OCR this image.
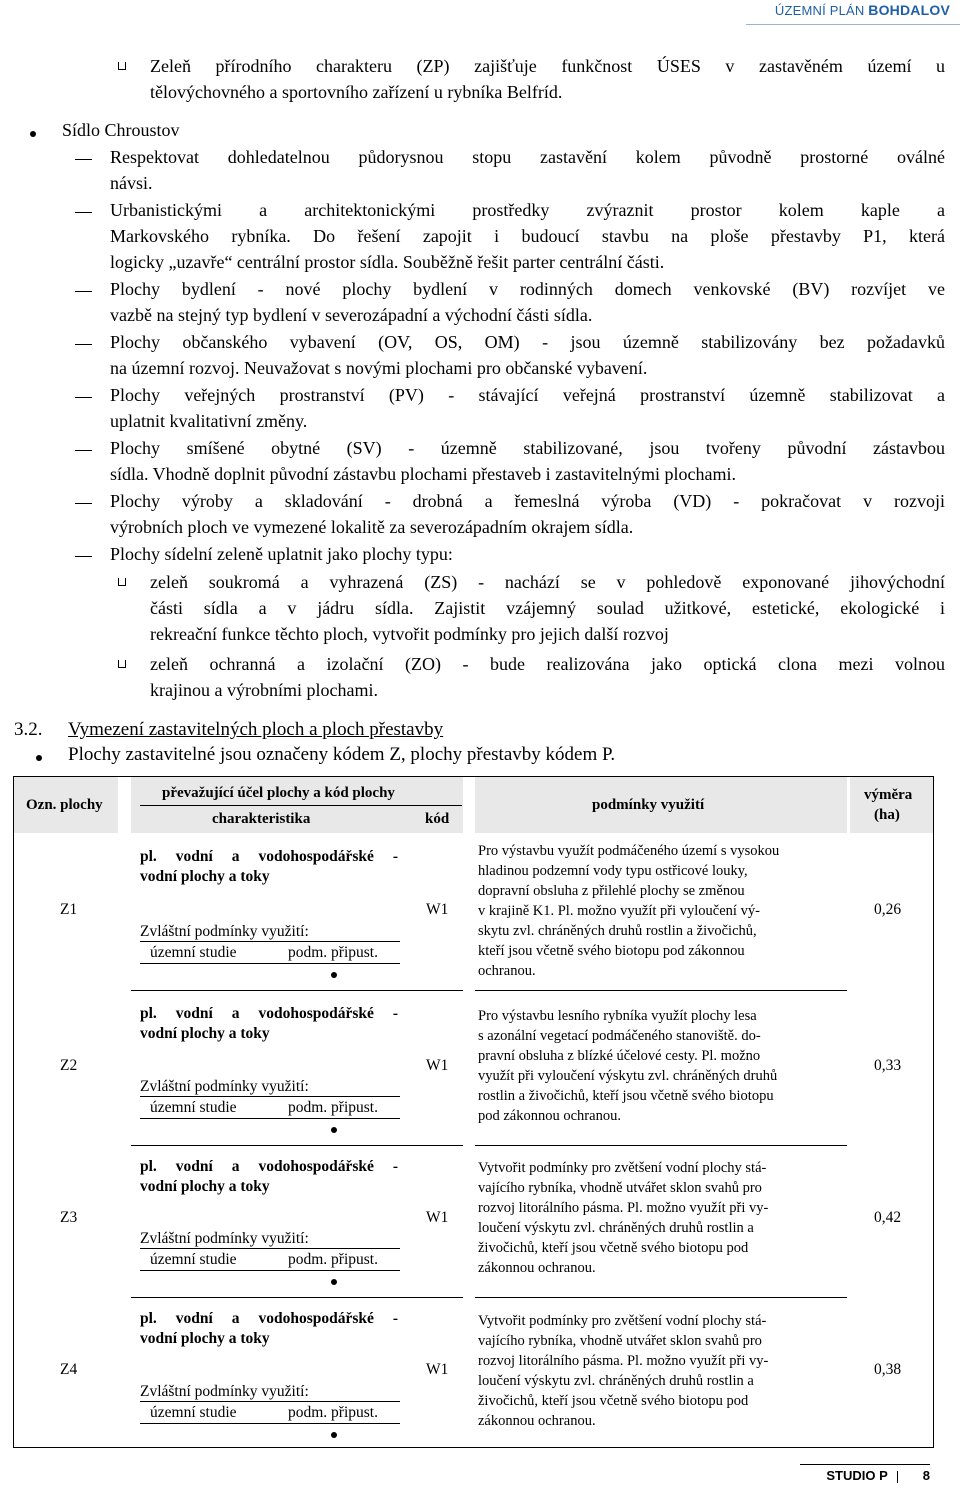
ÚZEMNÍ PLÁN BOHDALOV
Zeleň přírodního charakteru (ZP) zajišťuje funkčnost ÚSES v zastavěném území u
tělovýchovného a sportovního zařízení u rybníka Belfríd.
Sídlo Chroustov
Respektovat dohledatelnou půdorysnou stopu zastavění kolem původně prostorné oválné
návsi.
Urbanistickými a architektonickými prostředky zvýraznit prostor kolem kaple a
Markovského rybníka. Do řešení zapojit i budoucí stavbu na ploše přestavby P1, která
logicky „uzavře“ centrální prostor sídla. Souběžně řešit parter centrální části.
Plochy bydlení - nové plochy bydlení v rodinných domech venkovské (BV) rozvíjet ve
vazbě na stejný typ bydlení v severozápadní a východní části sídla.
Plochy občanského vybavení (OV, OS, OM) - jsou územně stabilizovány bez požadavků
na územní rozvoj. Neuvažovat s novými plochami pro občanské vybavení.
Plochy veřejných prostranství (PV) - stávající veřejná prostranství územně stabilizovat a
uplatnit kvalitativní změny.
Plochy smíšené obytné (SV) - územně stabilizované, jsou tvořeny původní zástavbou
sídla. Vhodně doplnit původní zástavbu plochami přestaveb i zastavitelnými plochami.
Plochy výroby a skladování - drobná a řemeslná výroba (VD) - pokračovat v rozvoji
výrobních ploch ve vymezené lokalitě za severozápadním okrajem sídla.
Plochy sídelní zeleně uplatnit jako plochy typu:
zeleň soukromá a vyhrazená (ZS) - nachází se v pohledově exponované jihovýchodní
části sídla a v jádru sídla. Zajistit vzájemný soulad užitkové, estetické, ekologické i
rekreační funkce těchto ploch, vytvořit podmínky pro jejich další rozvoj
zeleň ochranná a izolační (ZO) - bude realizována jako optická clona mezi volnou
krajinou a výrobními plochami.
3.2. Vymezení zastavitelných ploch a ploch přestavby
Plochy zastavitelné jsou označeny kódem Z, plochy přestavby kódem P.
Ozn. plochy
převažující účel plochy a kód plochy
charakteristika	kód
podmínky využití
výměra
(ha)
Z1
pl. vodní a vodohospodářské -
vodní plochy a toky
Zvláštní podmínky využití:
územní studie	podm. připust.
W1
Pro výstavbu využít podmáčeného území s vysokou
hladinou podzemní vody typu ostřicové louky,
dopravní obsluha z přilehlé plochy se změnou
v krajině K1. Pl. možno využít při vyloučení vý-
skytu zvl. chráněných druhů rostlin a živočichů,
kteří jsou včetně svého biotopu pod zákonnou
ochranou.
0,26
Z2
pl. vodní a vodohospodářské -
vodní plochy a toky
Zvláštní podmínky využití:
územní studie	podm. připust.
W1
Pro výstavbu lesního rybníka využít plochy lesa
s azonální vegetací podmáčeného stanoviště. do-
pravní obsluha z blízké účelové cesty. Pl. možno
využít při vyloučení výskytu zvl. chráněných druhů
rostlin a živočichů, kteří jsou včetně svého biotopu
pod zákonnou ochranou.
0,33
Z3
pl. vodní a vodohospodářské -
vodní plochy a toky
Zvláštní podmínky využití:
územní studie	podm. připust.
W1
Vytvořit podmínky pro zvětšení vodní plochy stá-
vajícího rybníka, vhodně utvářet sklon svahů pro
rozvoj litorálního pásma. Pl. možno využít při vy-
loučení výskytu zvl. chráněných druhů rostlin a
živočichů, kteří jsou včetně svého biotopu pod
zákonnou ochranou.
0,42
Z4
pl. vodní a vodohospodářské -
vodní plochy a toky
Zvláštní podmínky využití:
územní studie	podm. připust.
W1
Vytvořit podmínky pro zvětšení vodní plochy stá-
vajícího rybníka, vhodně utvářet sklon svahů pro
rozvoj litorálního pásma. Pl. možno využít při vy-
loučení výskytu zvl. chráněných druhů rostlin a
živočichů, kteří jsou včetně svého biotopu pod
zákonnou ochranou.
0,38
STUDIO P	8
